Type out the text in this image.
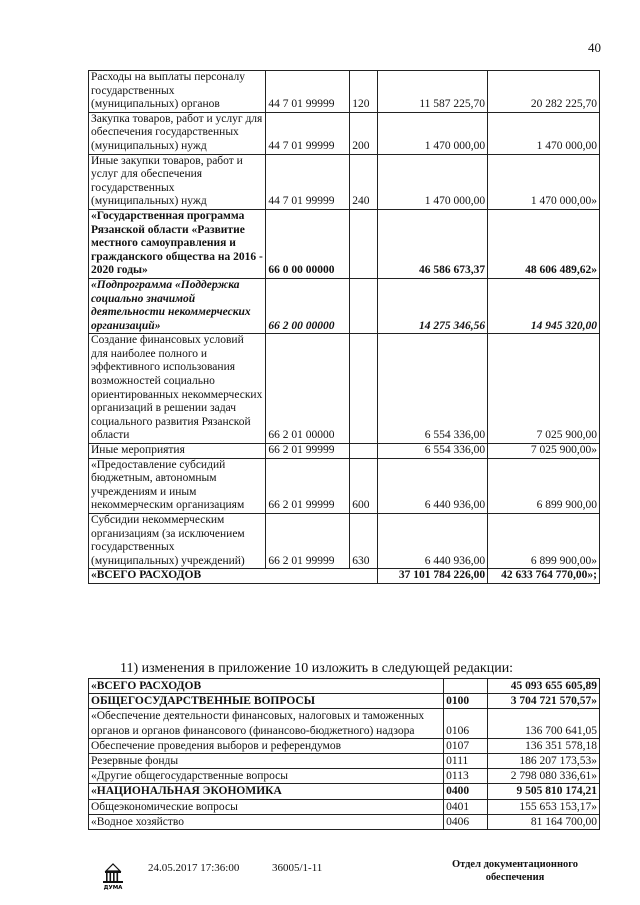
40
Расходы на выплаты персоналу государственных (муниципальных) органов	44 7 01 99999	120	11 587 225,70	20 282 225,70
Закупка товаров, работ и услуг для обеспечения государственных (муниципальных) нужд	44 7 01 99999	200	1 470 000,00	1 470 000,00
Иные закупки товаров, работ и услуг для обеспечения государственных (муниципальных) нужд	44 7 01 99999	240	1 470 000,00	1 470 000,00»
«Государственная программа Рязанской области «Развитие местного самоуправления и гражданского общества на 2016 - 2020 годы»	66 0 00 00000		46 586 673,37	48 606 489,62»
«Подпрограмма «Поддержка социально значимой деятельности некоммерческих организаций»	66 2 00 00000		14 275 346,56	14 945 320,00
Создание финансовых условий для наиболее полного и эффективного использования возможностей социально ориентированных некоммерческих организаций в решении задач социального развития Рязанской области	66 2 01 00000		6 554 336,00	7 025 900,00
Иные мероприятия	66 2 01 99999		6 554 336,00	7 025 900,00»
«Предоставление субсидий бюджетным, автономным учреждениям и иным некоммерческим организациям	66 2 01 99999	600	6 440 936,00	6 899 900,00
Субсидии некоммерческим организациям (за исключением государственных (муниципальных) учреждений)	66 2 01 99999	630	6 440 936,00	6 899 900,00»
«ВСЕГО РАСХОДОВ			37 101 784 226,00	42 633 764 770,00»;
11) изменения в приложение 10 изложить в следующей редакции:
«ВСЕГО РАСХОДОВ		45 093 655 605,89
ОБЩЕГОСУДАРСТВЕННЫЕ ВОПРОСЫ	0100	3 704 721 570,57»
«Обеспечение деятельности финансовых, налоговых и таможенных органов и органов финансового (финансово-бюджетного) надзора	0106	136 700 641,05
Обеспечение проведения выборов и референдумов	0107	136 351 578,18
Резервные фонды	0111	186 207 173,53»
«Другие общегосударственные вопросы	0113	2 798 080 336,61»
«НАЦИОНАЛЬНАЯ ЭКОНОМИКА	0400	9 505 810 174,21
Общеэкономические вопросы	0401	155 653 153,17»
«Водное хозяйство	0406	81 164 700,00
ДУМА
24.05.2017 17:36:00	36005/1-11	Отдел документационного обеспечения
